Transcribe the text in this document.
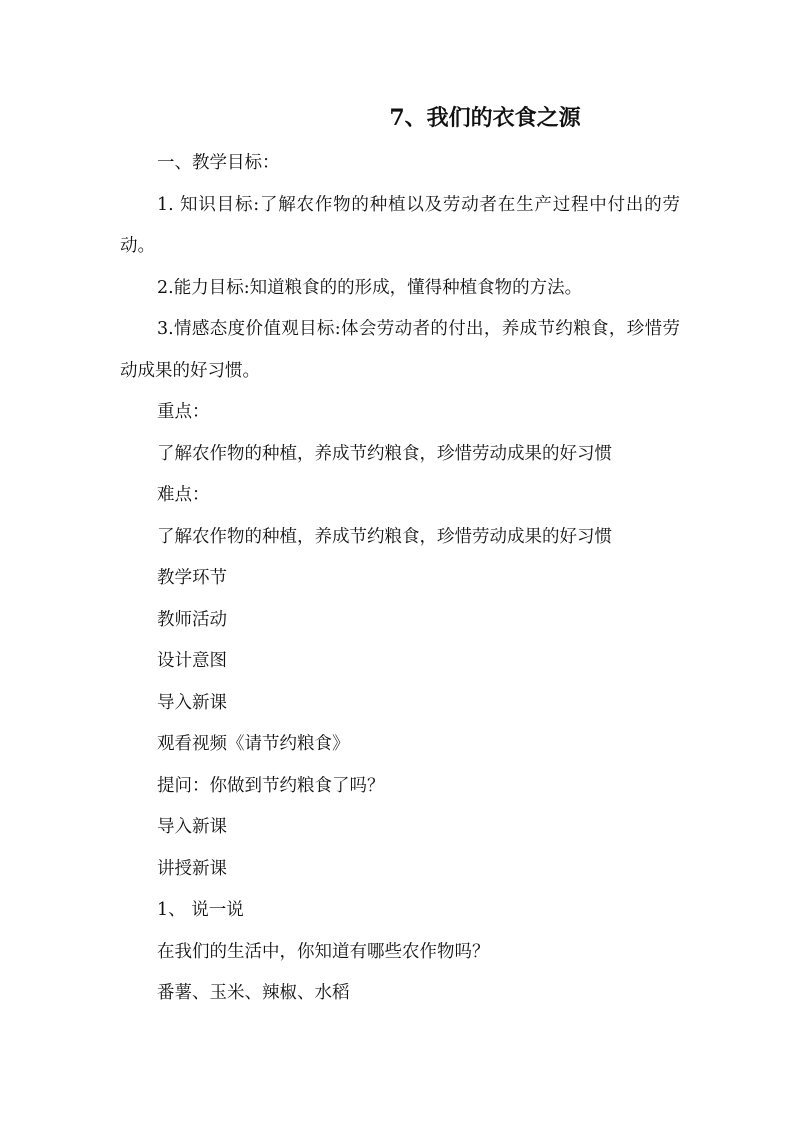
7、我们的衣食之源

一、教学目标：

1. 知识目标:了解农作物的种植以及劳动者在生产过程中付出的劳动。

2.能力目标:知道粮食的的形成，懂得种植食物的方法。

3.情感态度价值观目标:体会劳动者的付出，养成节约粮食，珍惜劳动成果的好习惯。

重点：

了解农作物的种植，养成节约粮食，珍惜劳动成果的好习惯

难点：

了解农作物的种植，养成节约粮食，珍惜劳动成果的好习惯

教学环节

教师活动

设计意图

导入新课

观看视频《请节约粮食》

提问：你做到节约粮食了吗？

导入新课

讲授新课

1、 说一说

在我们的生活中，你知道有哪些农作物吗？

番薯、玉米、辣椒、水稻
